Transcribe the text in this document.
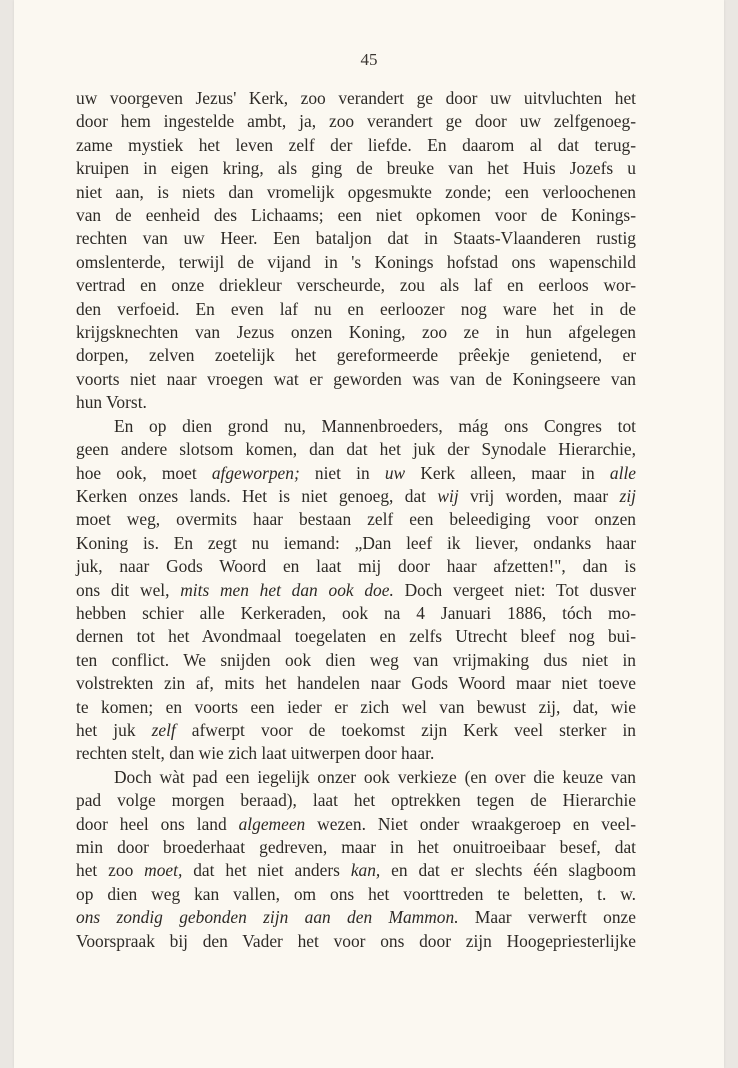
45
uw voorgeven Jezus' Kerk, zoo verandert ge door uw uitvluchten het
door hem ingestelde ambt, ja, zoo verandert ge door uw zelfgenoeg-
zame mystiek het leven zelf der liefde. En daarom al dat terug-
kruipen in eigen kring, als ging de breuke van het Huis Jozefs u
niet aan, is niets dan vromelijk opgesmukte zonde; een verloochenen
van de eenheid des Lichaams; een niet opkomen voor de Konings-
rechten van uw Heer. Een bataljon dat in Staats-Vlaanderen rustig
omslenterde, terwijl de vijand in 's Konings hofstad ons wapenschild
vertrad en onze driekleur verscheurde, zou als laf en eerloos wor-
den verfoeid. En even laf nu en eerloozer nog ware het in de
krijgsknechten van Jezus onzen Koning, zoo ze in hun afgelegen
dorpen, zelven zoetelijk het gereformeerde prêekje genietend, er
voorts niet naar vroegen wat er geworden was van de Koningseere van
hun Vorst.
En op dien grond nu, Mannenbroeders, mág ons Congres tot
geen andere slotsom komen, dan dat het juk der Synodale Hierarchie,
hoe ook, moet afgeworpen; niet in uw Kerk alleen, maar in alle
Kerken onzes lands. Het is niet genoeg, dat wij vrij worden, maar zij
moet weg, overmits haar bestaan zelf een beleediging voor onzen
Koning is. En zegt nu iemand: „Dan leef ik liever, ondanks haar
juk, naar Gods Woord en laat mij door haar afzetten!", dan is
ons dit wel, mits men het dan ook doe. Doch vergeet niet: Tot dusver
hebben schier alle Kerkeraden, ook na 4 Januari 1886, tóch mo-
dernen tot het Avondmaal toegelaten en zelfs Utrecht bleef nog bui-
ten conflict. We snijden ook dien weg van vrijmaking dus niet in
volstrekten zin af, mits het handelen naar Gods Woord maar niet toeve
te komen; en voorts een ieder er zich wel van bewust zij, dat, wie
het juk zelf afwerpt voor de toekomst zijn Kerk veel sterker in
rechten stelt, dan wie zich laat uitwerpen door haar.
Doch wàt pad een iegelijk onzer ook verkieze (en over die keuze van
pad volge morgen beraad), laat het optrekken tegen de Hierarchie
door heel ons land algemeen wezen. Niet onder wraakgeroep en veel-
min door broederhaat gedreven, maar in het onuitroeibaar besef, dat
het zoo moet, dat het niet anders kan, en dat er slechts één slagboom
op dien weg kan vallen, om ons het voorttreden te beletten, t. w.
ons zondig gebonden zijn aan den Mammon. Maar verwerft onze
Voorspraak bij den Vader het voor ons door zijn Hoogepriesterlijke
